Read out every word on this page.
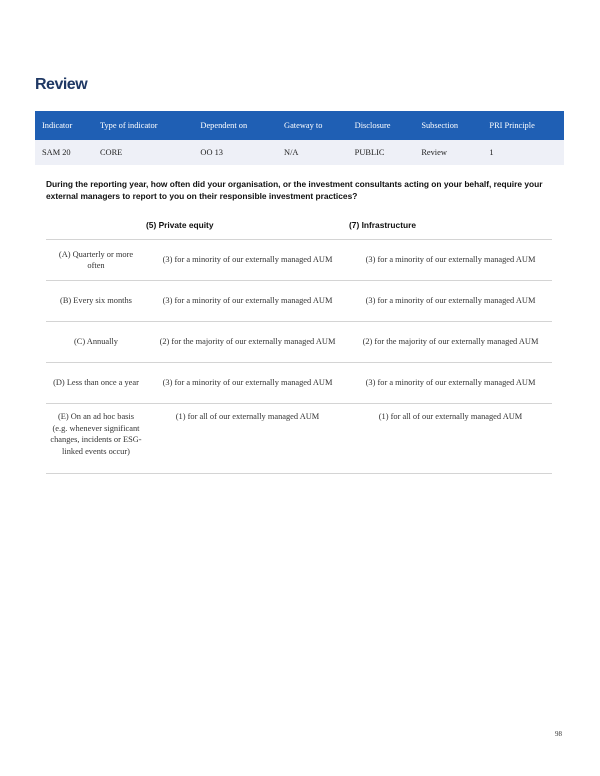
Review
Indicator	Type of indicator	Dependent on	Gateway to	Disclosure	Subsection	PRI Principle
SAM 20	CORE	OO 13	N/A	PUBLIC	Review	1

During the reporting year, how often did your organisation, or the investment consultants acting on your behalf, require your external managers to report to you on their responsible investment practices?

	(5) Private equity	(7) Infrastructure
(A) Quarterly or more often	(3) for a minority of our externally managed AUM	(3) for a minority of our externally managed AUM
(B) Every six months	(3) for a minority of our externally managed AUM	(3) for a minority of our externally managed AUM
(C) Annually	(2) for the majority of our externally managed AUM	(2) for the majority of our externally managed AUM
(D) Less than once a year	(3) for a minority of our externally managed AUM	(3) for a minority of our externally managed AUM
(E) On an ad hoc basis (e.g. whenever significant changes, incidents or ESG-linked events occur)	(1) for all of our externally managed AUM	(1) for all of our externally managed AUM
98
